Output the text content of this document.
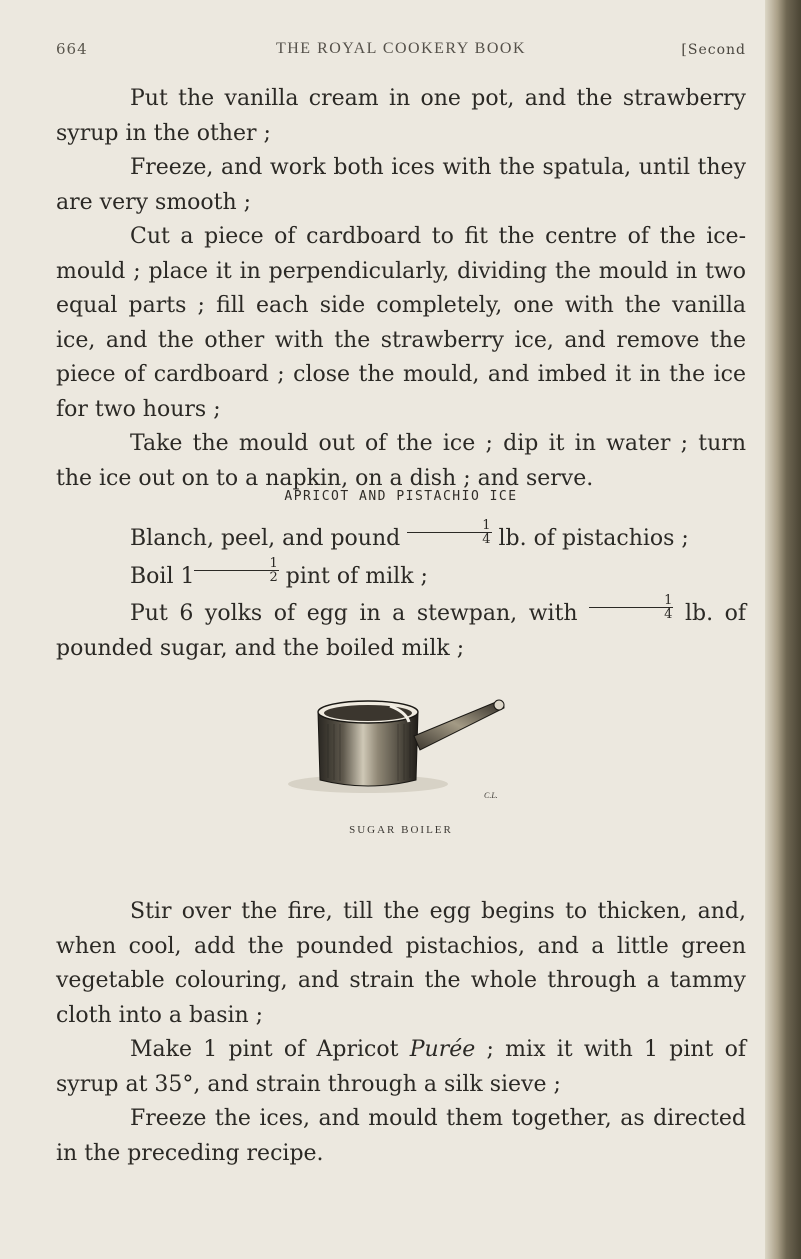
664	THE ROYAL COOKERY BOOK	[Second

Put the vanilla cream in one pot, and the strawberry syrup in the other ;

Freeze, and work both ices with the spatula, until they are very smooth ;

Cut a piece of cardboard to fit the centre of the ice-mould ; place it in perpendicularly, dividing the mould in two equal parts ; fill each side completely, one with the vanilla ice, and the other with the strawberry ice, and remove the piece of cardboard ; close the mould, and imbed it in the ice for two hours ;

Take the mould out of the ice ; dip it in water ; turn the ice out on to a napkin, on a dish ; and serve.

APRICOT AND PISTACHIO ICE

Blanch, peel, and pound $\frac{1}{4}$ lb. of pistachios ;

Boil $1 \frac{1}{2}$ pint of milk ;

Put 6 yolks of egg in a stewpan, with $\frac{1}{4}$ lb. of pounded sugar, and the boiled milk ;

C.L.
SUGAR BOILER

Stir over the fire, till the egg begins to thicken, and, when cool, add the pounded pistachios, and a little green vegetable colouring, and strain the whole through a tammy cloth into a basin ;

Make 1 pint of Apricot Purée ; mix it with 1 pint of syrup at 35°, and strain through a silk sieve ;

Freeze the ices, and mould them together, as directed in the preceding recipe.
